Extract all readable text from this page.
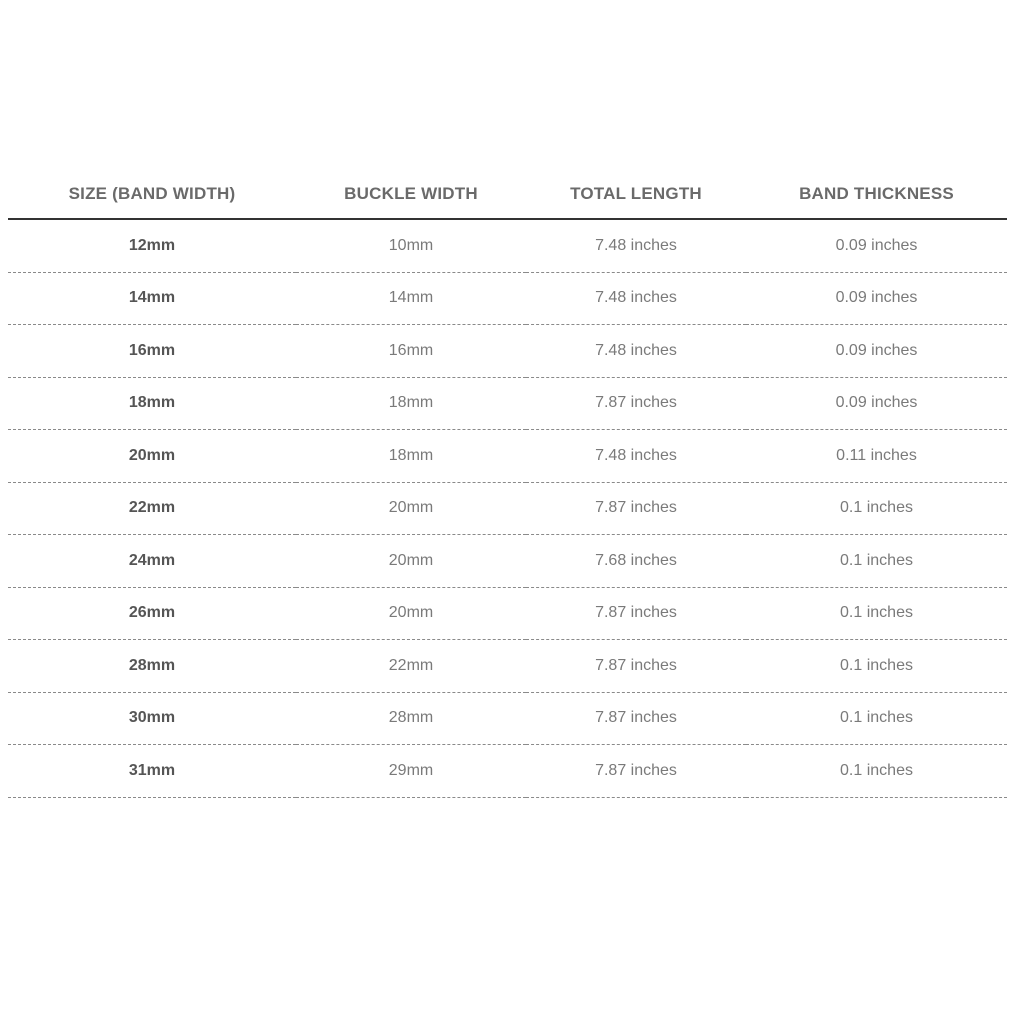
SIZE (BAND WIDTH)	BUCKLE WIDTH	TOTAL LENGTH	BAND THICKNESS
12mm	10mm	7.48 inches	0.09 inches
14mm	14mm	7.48 inches	0.09 inches
16mm	16mm	7.48 inches	0.09 inches
18mm	18mm	7.87 inches	0.09 inches
20mm	18mm	7.48 inches	0.11 inches
22mm	20mm	7.87 inches	0.1 inches
24mm	20mm	7.68 inches	0.1 inches
26mm	20mm	7.87 inches	0.1 inches
28mm	22mm	7.87 inches	0.1 inches
30mm	28mm	7.87 inches	0.1 inches
31mm	29mm	7.87 inches	0.1 inches
